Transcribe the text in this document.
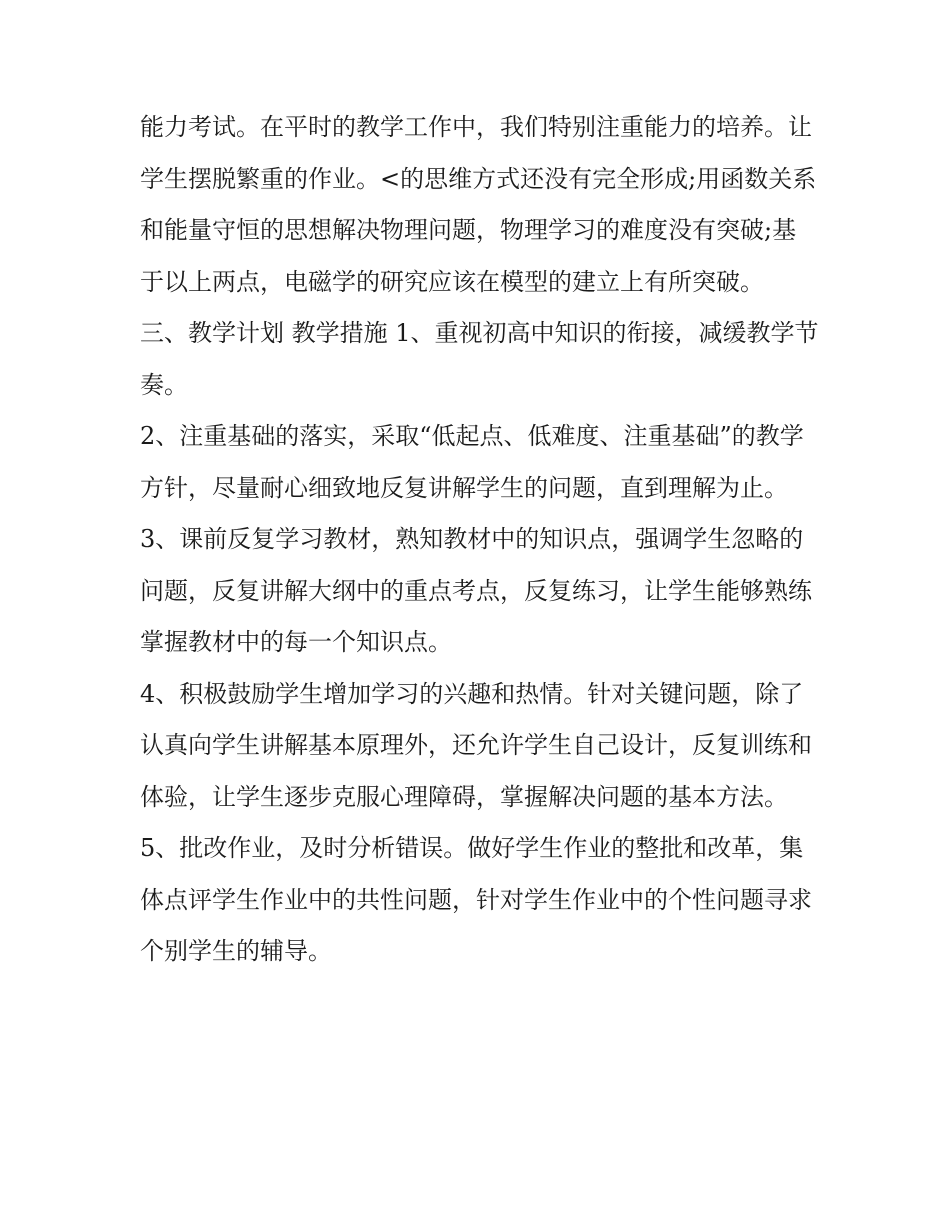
能力考试。在平时的教学工作中，我们特别注重能力的培养。让学生摆脱繁重的作业。<的思维方式还没有完全形成;用函数关系和能量守恒的思想解决物理问题，物理学习的难度没有突破;基于以上两点，电磁学的研究应该在模型的建立上有所突破。

三、教学计划 教学措施 1、重视初高中知识的衔接，减缓教学节奏。

2、注重基础的落实，采取“低起点、低难度、注重基础”的教学方针，尽量耐心细致地反复讲解学生的问题，直到理解为止。

3、课前反复学习教材，熟知教材中的知识点，强调学生忽略的问题，反复讲解大纲中的重点考点，反复练习，让学生能够熟练掌握教材中的每一个知识点。

4、积极鼓励学生增加学习的兴趣和热情。针对关键问题，除了认真向学生讲解基本原理外，还允许学生自己设计，反复训练和体验，让学生逐步克服心理障碍，掌握解决问题的基本方法。

5、批改作业，及时分析错误。做好学生作业的整批和改革，集体点评学生作业中的共性问题，针对学生作业中的个性问题寻求个别学生的辅导。
